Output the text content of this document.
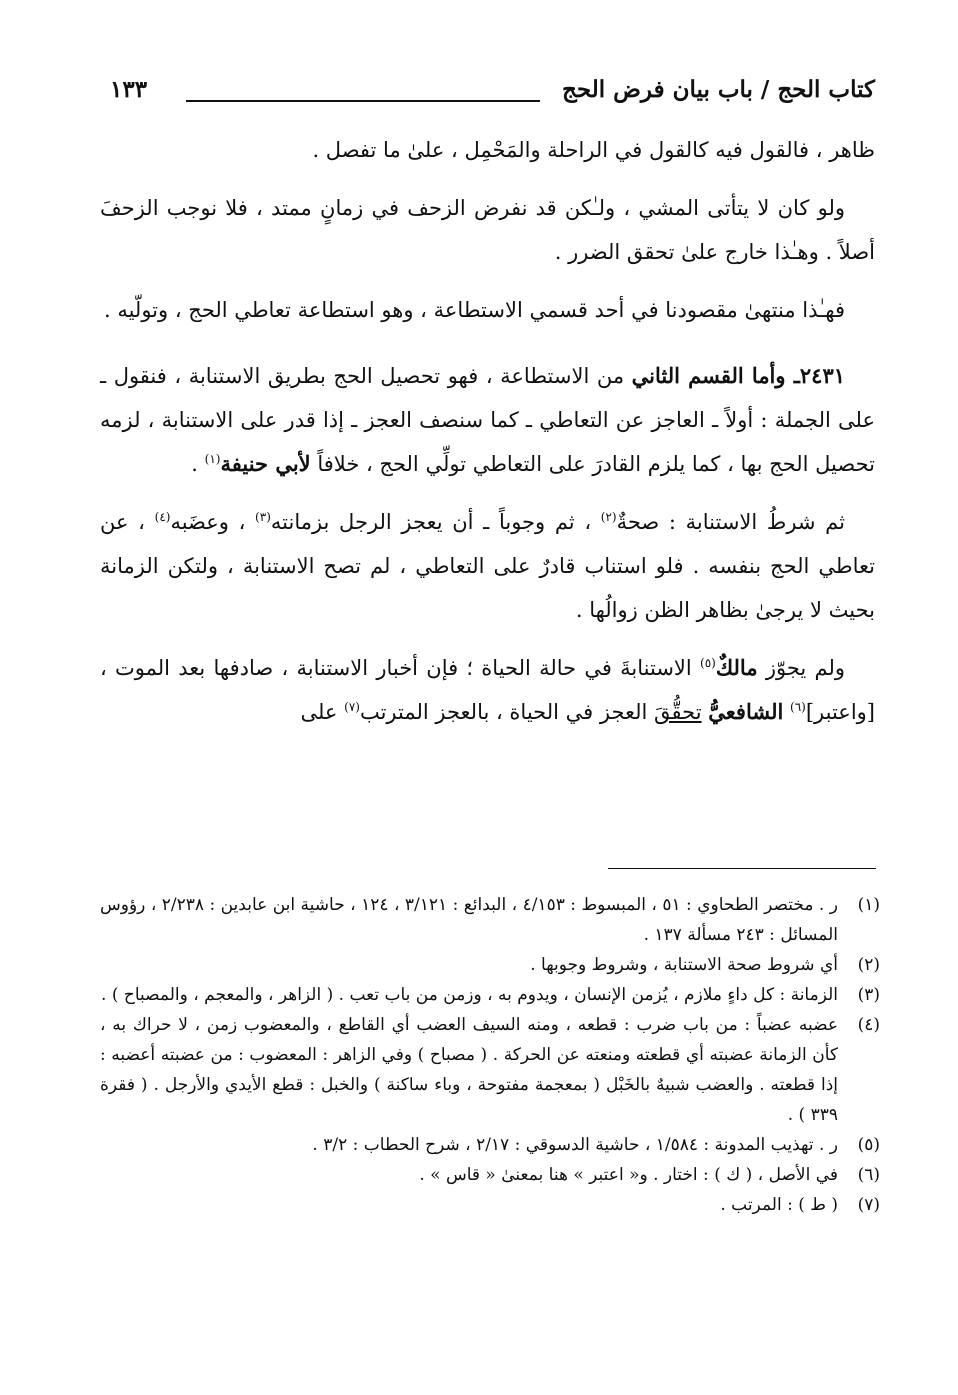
كتاب الحج / باب بيان فرض الحج
١٣٣

ظاهر ، فالقول فيه كالقول في الراحلة والمَحْمِل ، علىٰ ما تفصل .

ولو كان لا يتأتى المشي ، ولـٰكن قد نفرض الزحف في زمانٍ ممتد ، فلا نوجب الزحفَ أصلاً . وهـٰذا خارج علىٰ تحقق الضرر .

فهـٰذا منتهىٰ مقصودنا في أحد قسمي الاستطاعة ، وهو استطاعة تعاطي الحج ، وتولّيه .

٢٤٣١ـ وأما القسم الثاني من الاستطاعة ، فهو تحصيل الحج بطريق الاستنابة ، فنقول ـ على الجملة : أولاً ـ العاجز عن التعاطي ـ كما سنصف العجز ـ إذا قدر على الاستنابة ، لزمه تحصيل الحج بها ، كما يلزم القادرَ على التعاطي تولِّي الحج ، خلافاً لأبي حنيفة$^{(١)}$ .

ثم شرطُ الاستنابة : صحةٌ$^{(٢)}$ ، ثم وجوباً ـ أن يعجز الرجل بزمانته$^{(٣)}$ ، وعضَبه$^{(٤)}$ ، عن تعاطي الحج بنفسه . فلو استناب قادرٌ على التعاطي ، لم تصح الاستنابة ، ولتكن الزمانة بحيث لا يرجىٰ بظاهر الظن زوالُها .

ولم يجوّز مالكٌ$^{(٥)}$ الاستنابةَ في حالة الحياة ؛ فإن أخبار الاستنابة ، صادفها بعد الموت ، [واعتبر]$^{(٦)}$ الشافعيُّ تحقُّقَ العجز في الحياة ، بالعجز المترتب$^{(٧)}$ على

(١)
ر . مختصر الطحاوي : ٥١ ، المبسوط : ٤/١٥٣ ، البدائع : ٣/١٢١ ، ١٢٤ ، حاشية ابن عابدين : ٢/٢٣٨ ، رؤوس المسائل : ٢٤٣ مسألة ١٣٧ .
(٢)
أي شروط صحة الاستنابة ، وشروط وجوبها .
(٣)
الزمانة : كل داءٍ ملازم ، يُزمن الإنسان ، ويدوم به ، وزمن من باب تعب . ( الزاهر ، والمعجم ، والمصباح ) .
(٤)
عضبه عضباً : من باب ضرب : قطعه ، ومنه السيف العضب أي القاطع ، والمعضوب زمن ، لا حراك به ، كأن الزمانة عضبته أي قطعته ومنعته عن الحركة . ( مصباح ) وفي الزاهر : المعضوب : من عضبته أعضبه : إذا قطعته . والعضب شبيهٌ بالخَبْل ( بمعجمة مفتوحة ، وباء ساكنة ) والخبل : قطع الأيدي والأرجل . ( فقرة ٣٣٩ ) .
(٥)
ر . تهذيب المدونة : ١/٥٨٤ ، حاشية الدسوقي : ٢/١٧ ، شرح الحطاب : ٣/٢ .
(٦)
في الأصل ، ( ك ) : اختار . و« اعتبر » هنا بمعنىٰ « قاس » .
(٧)
( ط ) : المرتب .
